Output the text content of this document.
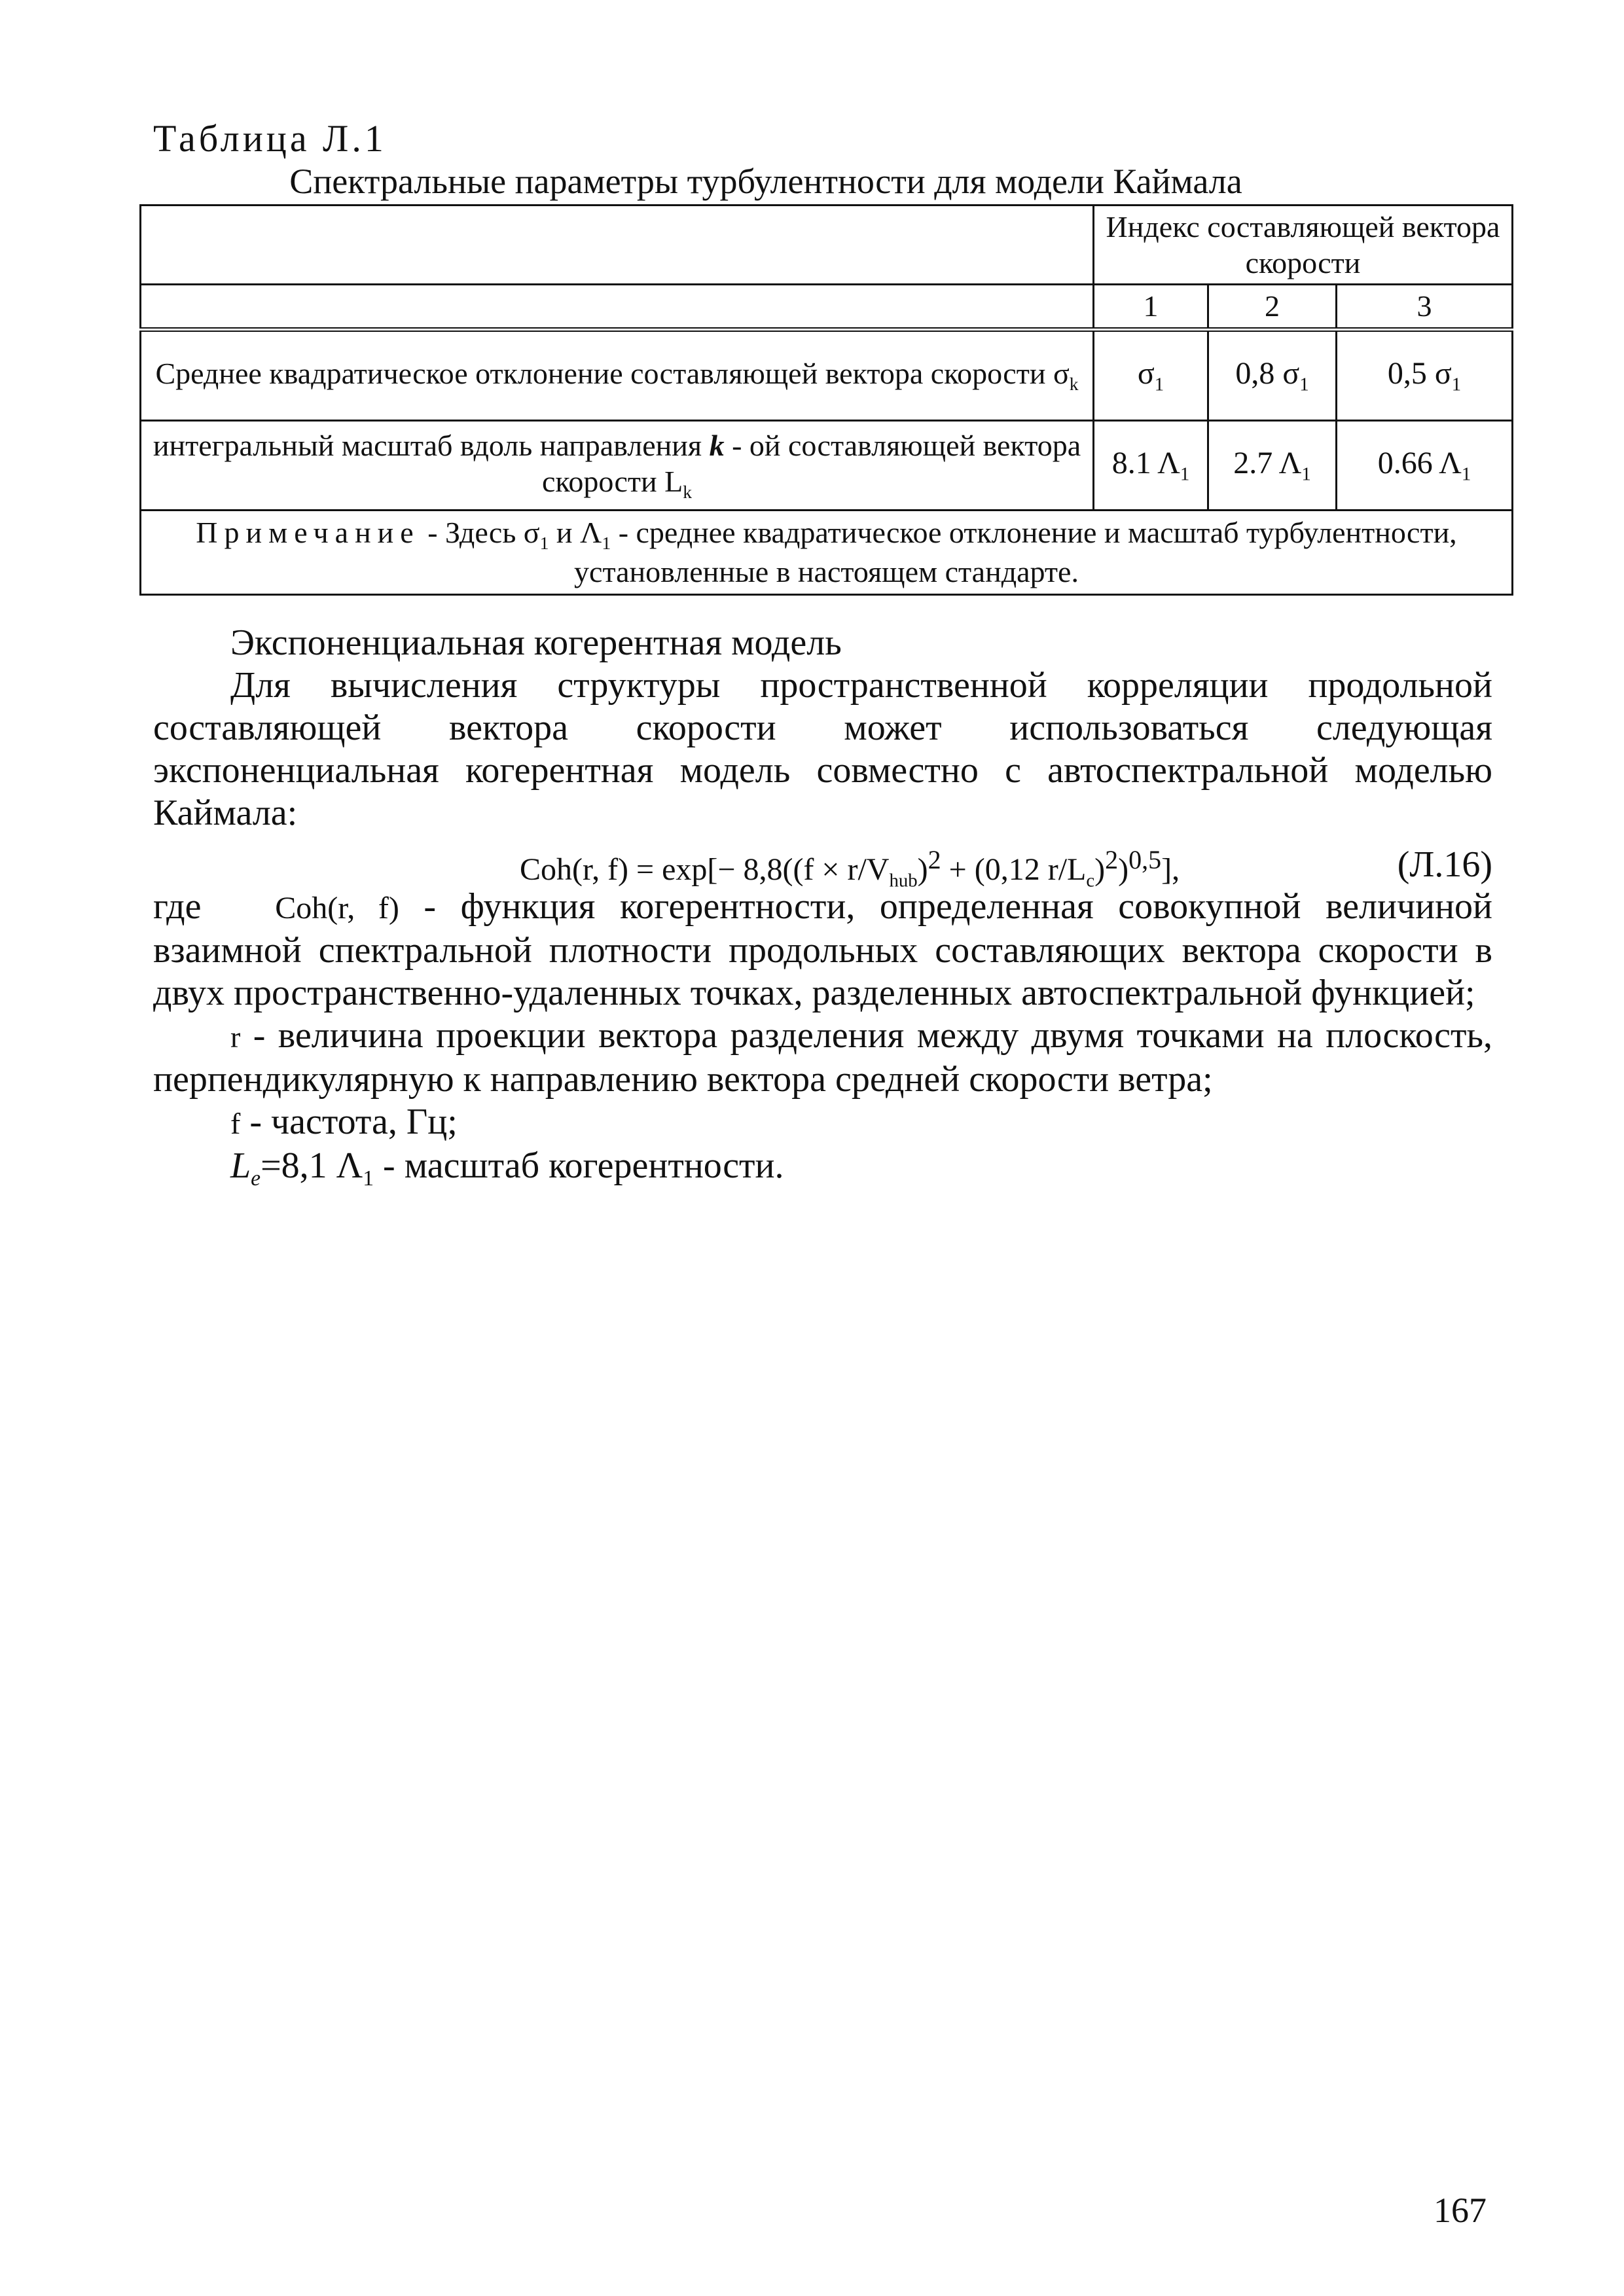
Таблица Л.1
Спектральные параметры турбулентности для модели Каймала
	Индекс составляющей вектора скорости		
	1	2	3
Среднее квадратическое отклонение составляющей вектора скорости $\sigma_k$	$\sigma_1$	0,8 $\sigma_1$	0,5 $\sigma_1$
интегральный масштаб вдоль направления k - ой составляющей вектора скорости $L_k$	8.1 $\Lambda_1$	2.7 $\Lambda_1$	0.66 $\Lambda_1$
Примечание - Здесь $\sigma_1$ и $\Lambda_1$ - среднее квадратическое отклонение и масштаб турбулентности, установленные в настоящем стандарте.			

Экспоненциальная когерентная модель

Для вычисления структуры пространственной корреляции продольной составляющей вектора скорости может использоваться следующая экспоненциальная когерентная модель совместно с автоспектральной моделью Каймала:

Coh(r, $f) = \exp[- 8,8((f \times r/V_{hub})^2 + (0,12$ $r/L_c)^2)^{0,5}$],	(Л.16)

где Coh(r, f) - функция когерентности, определенная совокупной величиной взаимной спектральной плотности продольных составляющих вектора скорости в двух пространственно-удаленных точках, разделенных автоспектральной функцией;

r - величина проекции вектора разделения между двумя точками на плоскость, перпендикулярную к направлению вектора средней скорости ветра;

f - частота, Гц;

$L_e=8,1$ $\Lambda_1$ - масштаб когерентности.

167
